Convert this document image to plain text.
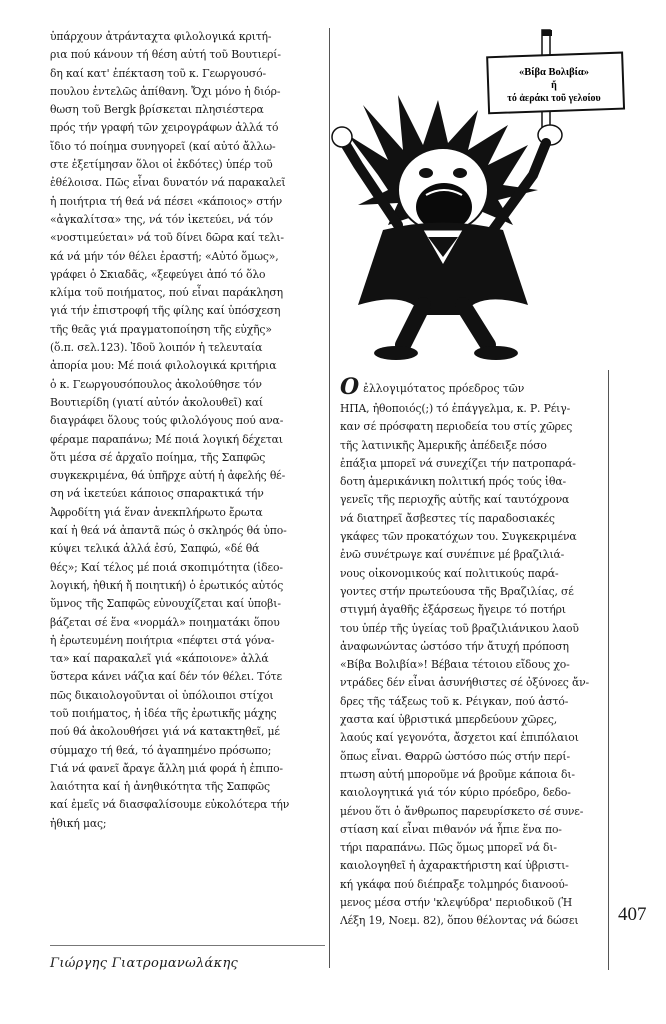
ὑπάρχουν ἀτράνταχτα φιλολογικά κριτή-
ρια πού κάνουν τή θέση αὐτή τοῦ Βουτιερί-
δη καί κατ' ἐπέκταση τοῦ κ. Γεωργουσό-
πουλου ἐντελῶς ἀπίθανη. Ὄχι μόνο ἡ διόρ-
θωση τοῦ Bergk βρίσκεται πλησιέστερα
πρός τήν γραφή τῶν χειρογράφων ἀλλά τό
ἴδιο τό ποίημα συνηγορεῖ (καί αὐτό ἄλλω-
στε ἐξετίμησαν ὅλοι οἱ ἐκδότες) ὑπέρ τοῦ
ἐθέλοισα. Πῶς εἶναι δυνατόν νά παρακαλεῖ
ἡ ποιήτρια τή θεά νά πέσει «κάποιος» στήν
«ἀγκαλίτσα» της, νά τόν ἱκετεύει, νά τόν
«νοστιμεύεται» νά τοῦ δίνει δῶρα καί τελι-
κά νά μήν τόν θέλει ἐραστή; «Αὐτό ὅμως»,
γράφει ὁ Σκιαδᾶς, «ξεφεύγει ἀπό τό ὅλο
κλίμα τοῦ ποιήματος, πού εἶναι παράκληση
γιά τήν ἐπιστροφή τῆς φίλης καί ὑπόσχεση
τῆς θεᾶς γιά πραγματοποίηση τῆς εὐχῆς»
(ὅ.π. σελ.123). Ἰδοῦ λοιπόν ἡ τελευταία
ἀπορία μου: Μέ ποιά φιλολογικά κριτήρια
ὁ κ. Γεωργουσόπουλος ἀκολούθησε τόν
Βουτιερίδη (γιατί αὐτόν ἀκολουθεῖ) καί
διαγράφει ὅλους τούς φιλολόγους πού ανα-
φέραμε παραπάνω; Μέ ποιά λογική δέχεται
ὅτι μέσα σέ ἀρχαῖο ποίημα, τῆς Σαπφῶς
συγκεκριμένα, θά ὑπῆρχε αὐτή ἡ ἀφελής θέ-
ση νά ἱκετεύει κάποιος σπαρακτικά τήν
Ἀφροδίτη γιά ἕναν ἀνεκπλήρωτο ἔρωτα
καί ἡ θεά νά ἀπαντᾶ πώς ὁ σκληρός θά ὑπο-
κύψει τελικά ἀλλά ἐσύ, Σαπφώ, «δέ θά
θές»; Καί τέλος μέ ποιά σκοπιμότητα (ἰδεο-
λογική, ἠθική ἤ ποιητική) ὁ ἐρωτικός αὐτός
ὕμνος τῆς Σαπφῶς εὐνουχίζεται καί ὑποβι-
βάζεται σέ ἕνα «νορμάλ» ποιηματάκι ὅπου
ἡ ἐρωτευμένη ποιήτρια «πέφτει στά γόνα-
τα» καί παρακαλεῖ γιά «κάποιονε» ἀλλά
ὕστερα κάνει νάζια καί δέν τόν θέλει. Τότε
πῶς δικαιολογοῦνται οἱ ὑπόλοιποι στίχοι
τοῦ ποιήματος, ἡ ἰδέα τῆς ἐρωτικῆς μάχης
πού θά ἀκολουθήσει γιά νά κατακτηθεῖ, μέ
σύμμαχο τή θεά, τό ἀγαπημένο πρόσωπο;
Γιά νά φανεῖ ἄραγε ἄλλη μιά φορά ἡ ἐπιπο-
λαιότητα καί ἡ ἀνηθικότητα τῆς Σαπφῶς
καί ἐμεῖς νά διασφαλίσουμε εὐκολότερα τήν
ἠθική μας;
Γιώργης Γιατρομανωλάκης
«Βίβα Βολιβία»
ἤ
τό ἀεράκι τοῦ γελοίου
Οἐλλογιμότατος πρόεδρος τῶν
ΗΠΑ, ἠθοποιός(;) τό ἐπάγγελμα, κ. Ρ. Ρέιγ-
καν σέ πρόσφατη περιοδεία του στίς χῶρες
τῆς λατινικῆς Ἀμερικῆς ἀπέδειξε πόσο
ἐπάξια μπορεῖ νά συνεχίζει τήν πατροπαρά-
δοτη ἀμερικάνικη πολιτική πρός τούς ἰθα-
γενεῖς τῆς περιοχῆς αὐτῆς καί ταυτόχρονα
νά διατηρεῖ ἄσβεστες τίς παραδοσιακές
γκάφες τῶν προκατόχων του. Συγκεκριμένα
ἐνῶ συνέτρωγε καί συνέπινε μέ βραζιλιά-
νους οἰκονομικούς καί πολιτικούς παρά-
γοντες στήν πρωτεύουσα τῆς Βραζιλίας, σέ
στιγμή ἀγαθῆς ἐξάρσεως ἤγειρε τό ποτήρι
του ὑπέρ τῆς ὑγείας τοῦ βραζιλιάνικου λαοῦ
ἀναφωνώντας ὡστόσο τήν ἄτυχή πρόποση
«Βίβα Βολιβία»! Βέβαια τέτοιου εἴδους χο-
ντράδες δέν εἶναι ἀσυνήθιστες σέ ὀξύνοες ἄν-
δρες τῆς τάξεως τοῦ κ. Ρέιγκαν, πού ἀστό-
χαστα καί ὑβριστικά μπερδεύουν χῶρες,
λαούς καί γεγονότα, ἄσχετοι καί ἐπιπόλαιοι
ὅπως εἶναι. Θαρρῶ ὡστόσο πώς στήν περί-
πτωση αὐτή μποροῦμε νά βροῦμε κάποια δι-
καιολογητικά γιά τόν κύριο πρόεδρο, δεδο-
μένου ὅτι ὁ ἄνθρωπος παρευρίσκετο σέ συνε-
στίαση καί εἶναι πιθανόν νά ἦπιε ἕνα πο-
τήρι παραπάνω. Πῶς ὅμως μπορεῖ νά δι-
καιολογηθεῖ ἡ ἀχαρακτήριστη καί ὑβριστι-
κή γκάφα πού διέπραξε τολμηρός διανοού-
μενος μέσα στήν 'κλεψύδρα' περιοδικοῦ (Ἡ
Λέξη 19, Νοεμ. 82), ὅπου θέλοντας νά δώσει	407
